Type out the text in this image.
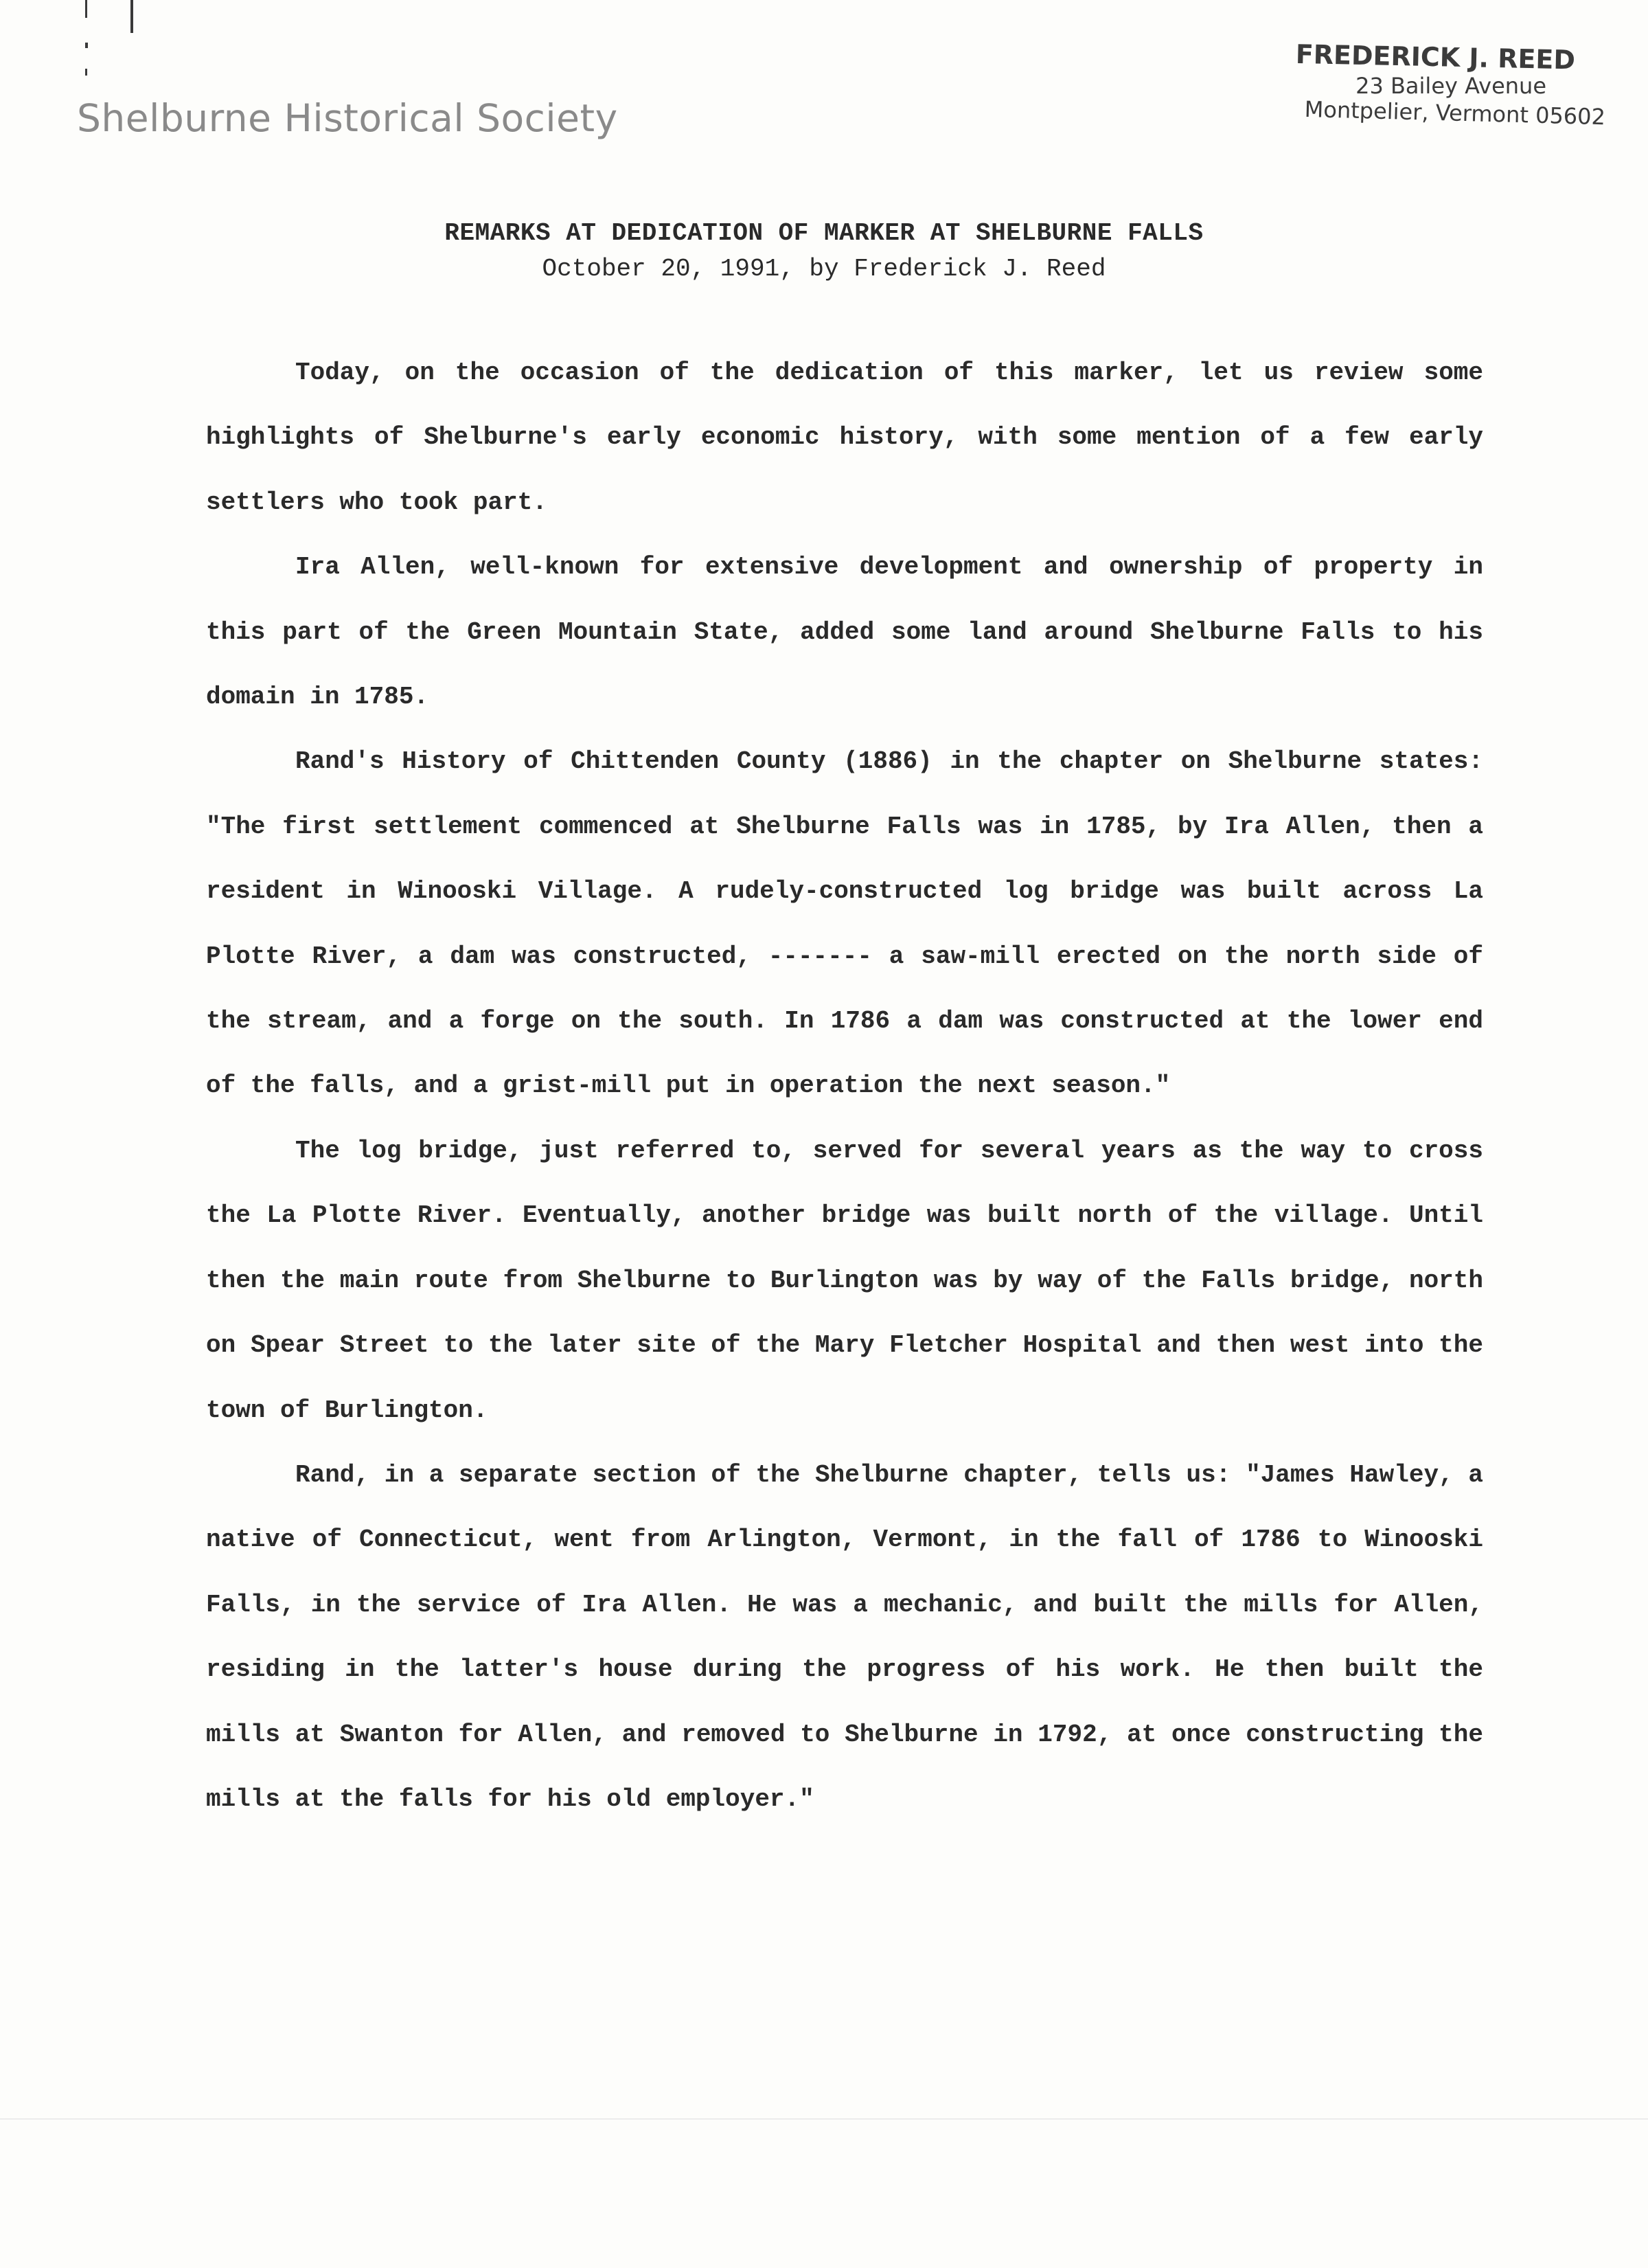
Shelburne Historical Society
FREDERICK J. REED
23 Bailey Avenue
Montpelier, Vermont 05602
REMARKS AT DEDICATION OF MARKER AT SHELBURNE FALLS
October 20, 1991, by Frederick J. Reed

Today, on the occasion of the dedication of this marker, let us review some highlights of Shelburne's early economic history, with some mention of a few early settlers who took part.

Ira Allen, well-known for extensive development and ownership of property in this part of the Green Mountain State, added some land around Shelburne Falls to his domain in 1785.

Rand's History of Chittenden County (1886) in the chapter on Shelburne states: "The first settlement commenced at Shelburne Falls was in 1785, by Ira Allen, then a resident in Winooski Village. A rudely-constructed log bridge was built across La Plotte River, a dam was constructed, ------- a saw-mill erected on the north side of the stream, and a forge on the south. In 1786 a dam was constructed at the lower end of the falls, and a grist-mill put in operation the next season."

The log bridge, just referred to, served for several years as the way to cross the La Plotte River. Eventually, another bridge was built north of the village. Until then the main route from Shelburne to Burlington was by way of the Falls bridge, north on Spear Street to the later site of the Mary Fletcher Hospital and then west into the town of Burlington.

Rand, in a separate section of the Shelburne chapter, tells us: "James Hawley, a native of Connecticut, went from Arlington, Vermont, in the fall of 1786 to Winooski Falls, in the service of Ira Allen. He was a mechanic, and built the mills for Allen, residing in the latter's house during the progress of his work. He then built the mills at Swanton for Allen, and removed to Shelburne in 1792, at once constructing the mills at the falls for his old employer."
